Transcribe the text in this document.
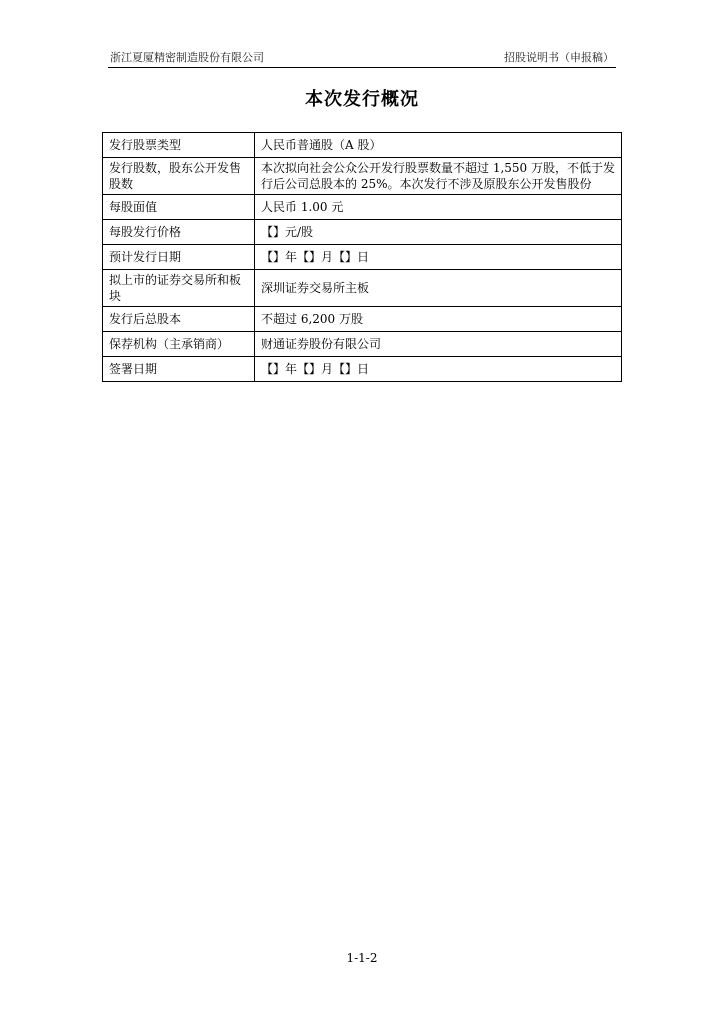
浙江夏厦精密制造股份有限公司	招股说明书（申报稿）
本次发行概况
发行股票类型	人民币普通股（A 股）
发行股数，股东公开发售股数	本次拟向社会公众公开发行股票数量不超过 1,550 万股，不低于发行后公司总股本的 25%。本次发行不涉及原股东公开发售股份
每股面值	人民币 1.00 元
每股发行价格	【】元/股
预计发行日期	【】年【】月【】日
拟上市的证券交易所和板块	深圳证券交易所主板
发行后总股本	不超过 6,200 万股
保荐机构（主承销商）	财通证券股份有限公司
签署日期	【】年【】月【】日
1-1-2
